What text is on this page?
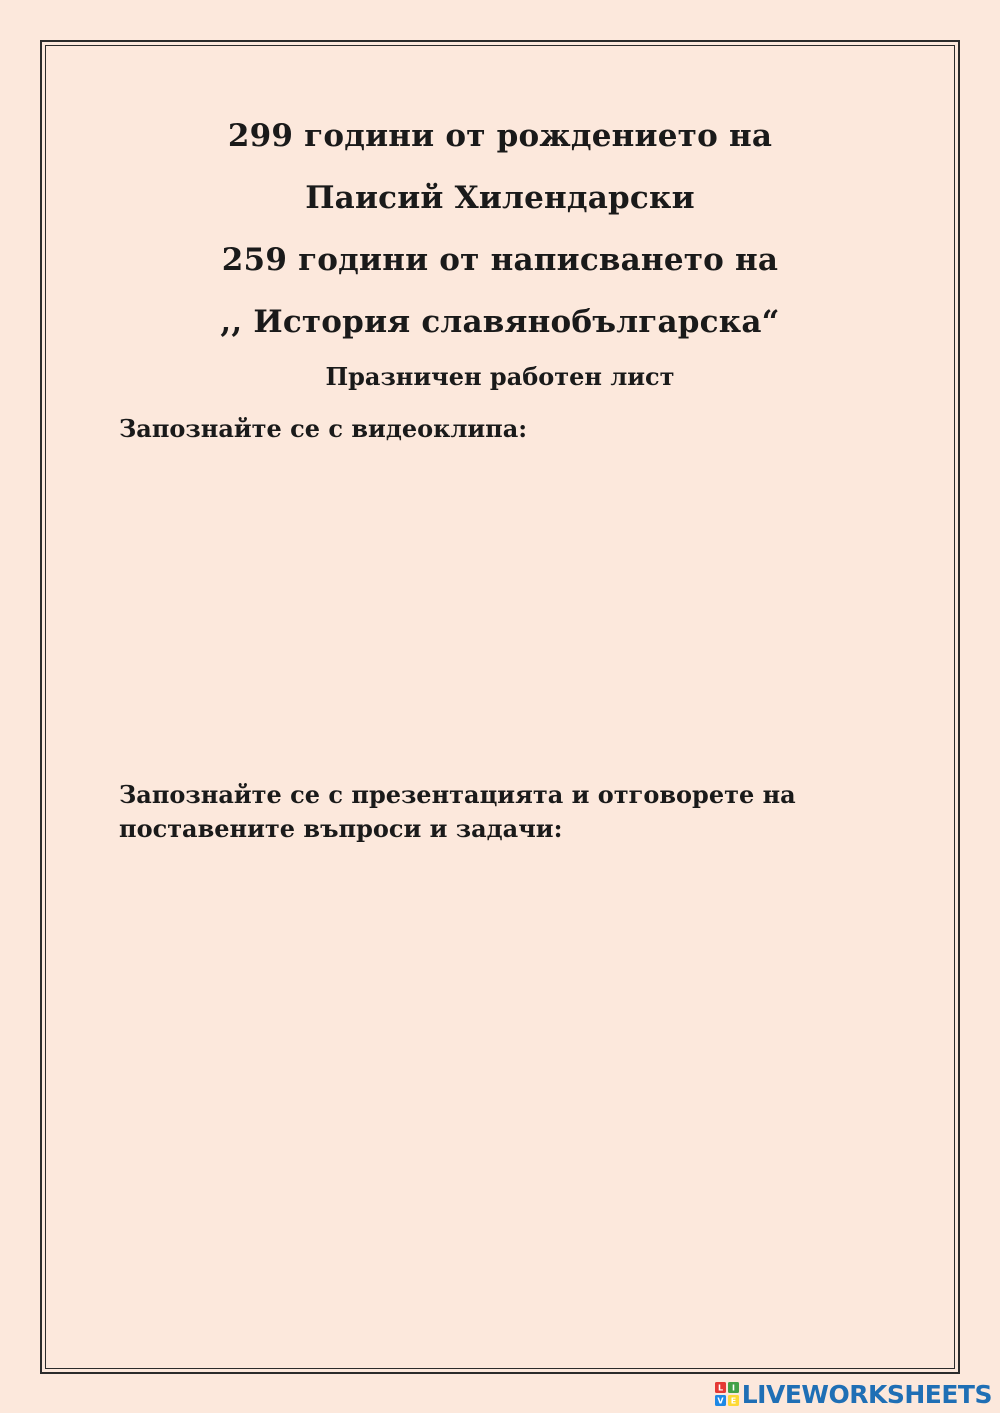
299 години от рождението на
Паисий Хилендарски
259 години от написването на
,, История славянобългарска“
Празничен работен лист
Запознайте се с видеоклипа:
Запознайте се с презентацията и отговорете на
поставените въпроси и задачи:
L I
V E LIVEWORKSHEETS
